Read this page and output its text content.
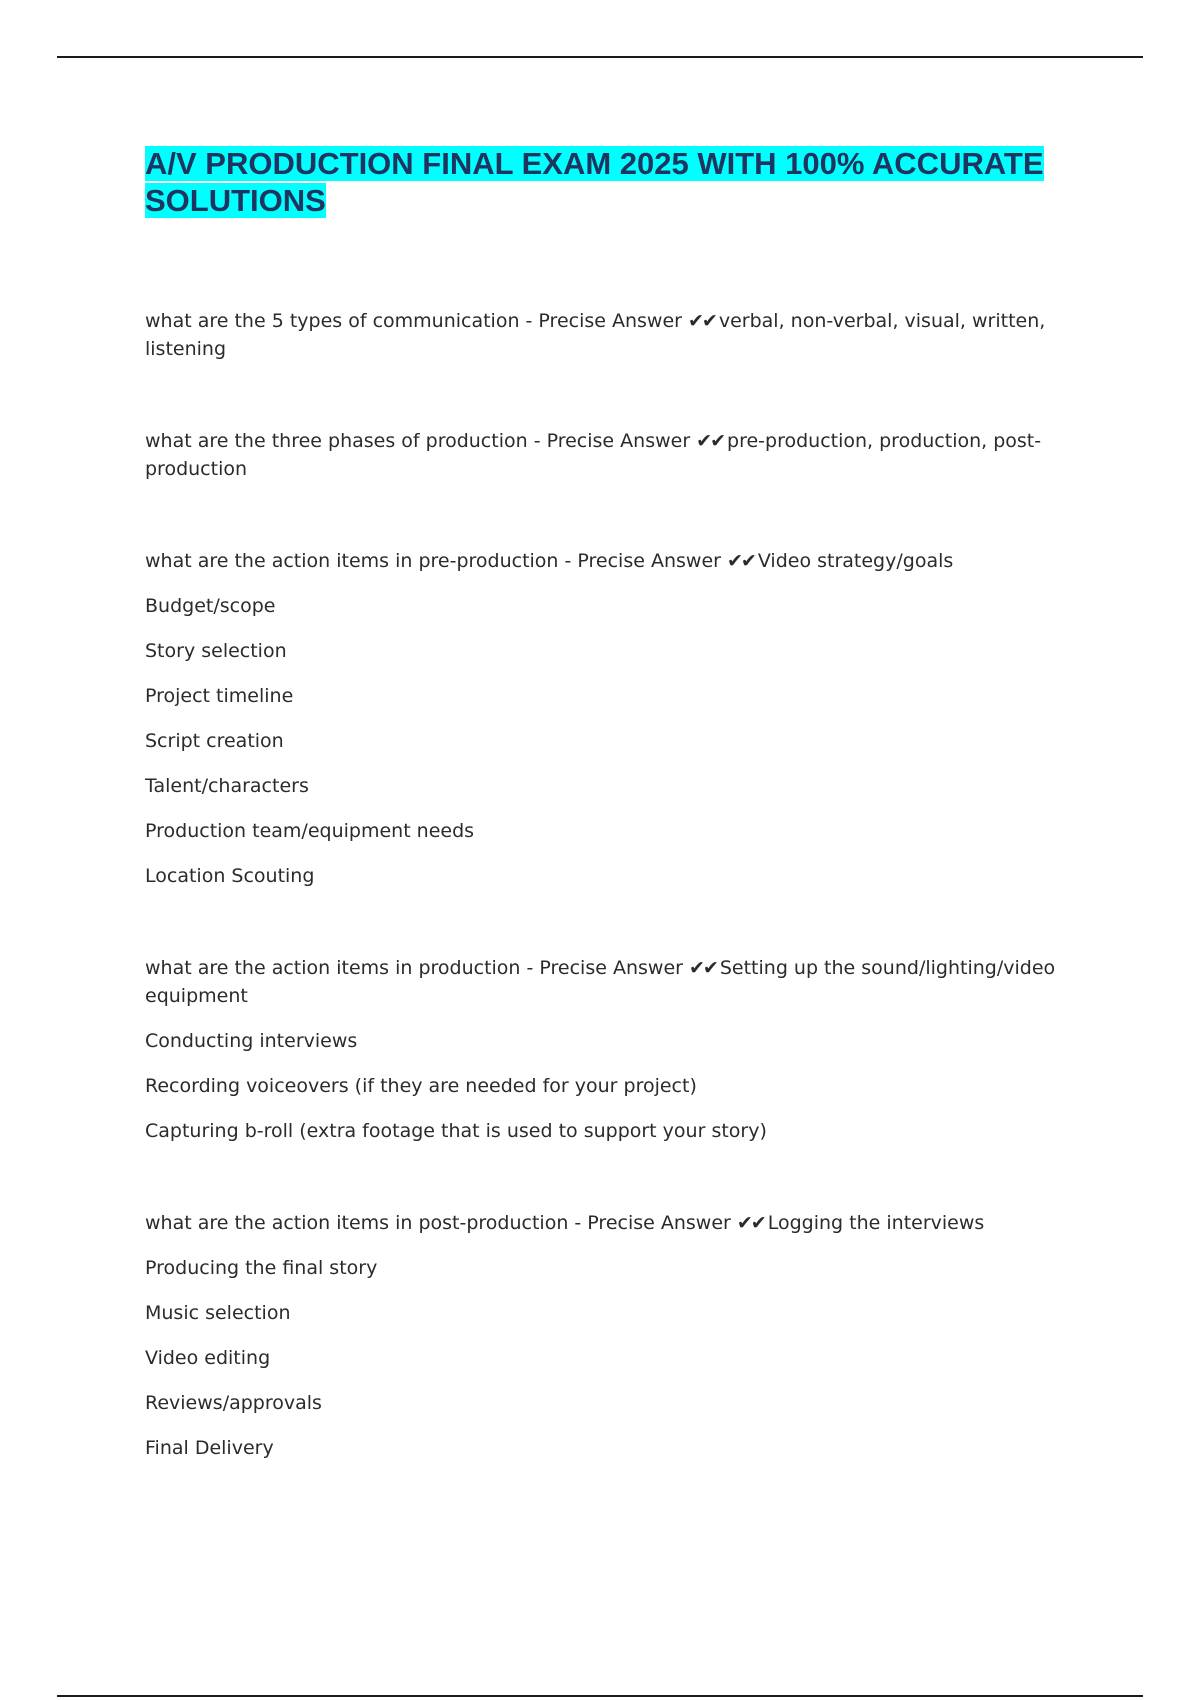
A/V PRODUCTION FINAL EXAM 2025 WITH 100% ACCURATE SOLUTIONS

what are the 5 types of communication - Precise Answer ✔✔ verbal, non-verbal, visual, written, listening

what are the three phases of production - Precise Answer ✔✔ pre-production, production, post-production

what are the action items in pre-production - Precise Answer ✔✔ Video strategy/goals

Budget/scope

Story selection

Project timeline

Script creation

Talent/characters

Production team/equipment needs

Location Scouting

what are the action items in production - Precise Answer ✔✔ Setting up the sound/lighting/video equipment

Conducting interviews

Recording voiceovers (if they are needed for your project)

Capturing b-roll (extra footage that is used to support your story)

what are the action items in post-production - Precise Answer ✔✔ Logging the interviews

Producing the final story

Music selection

Video editing

Reviews/approvals

Final Delivery
